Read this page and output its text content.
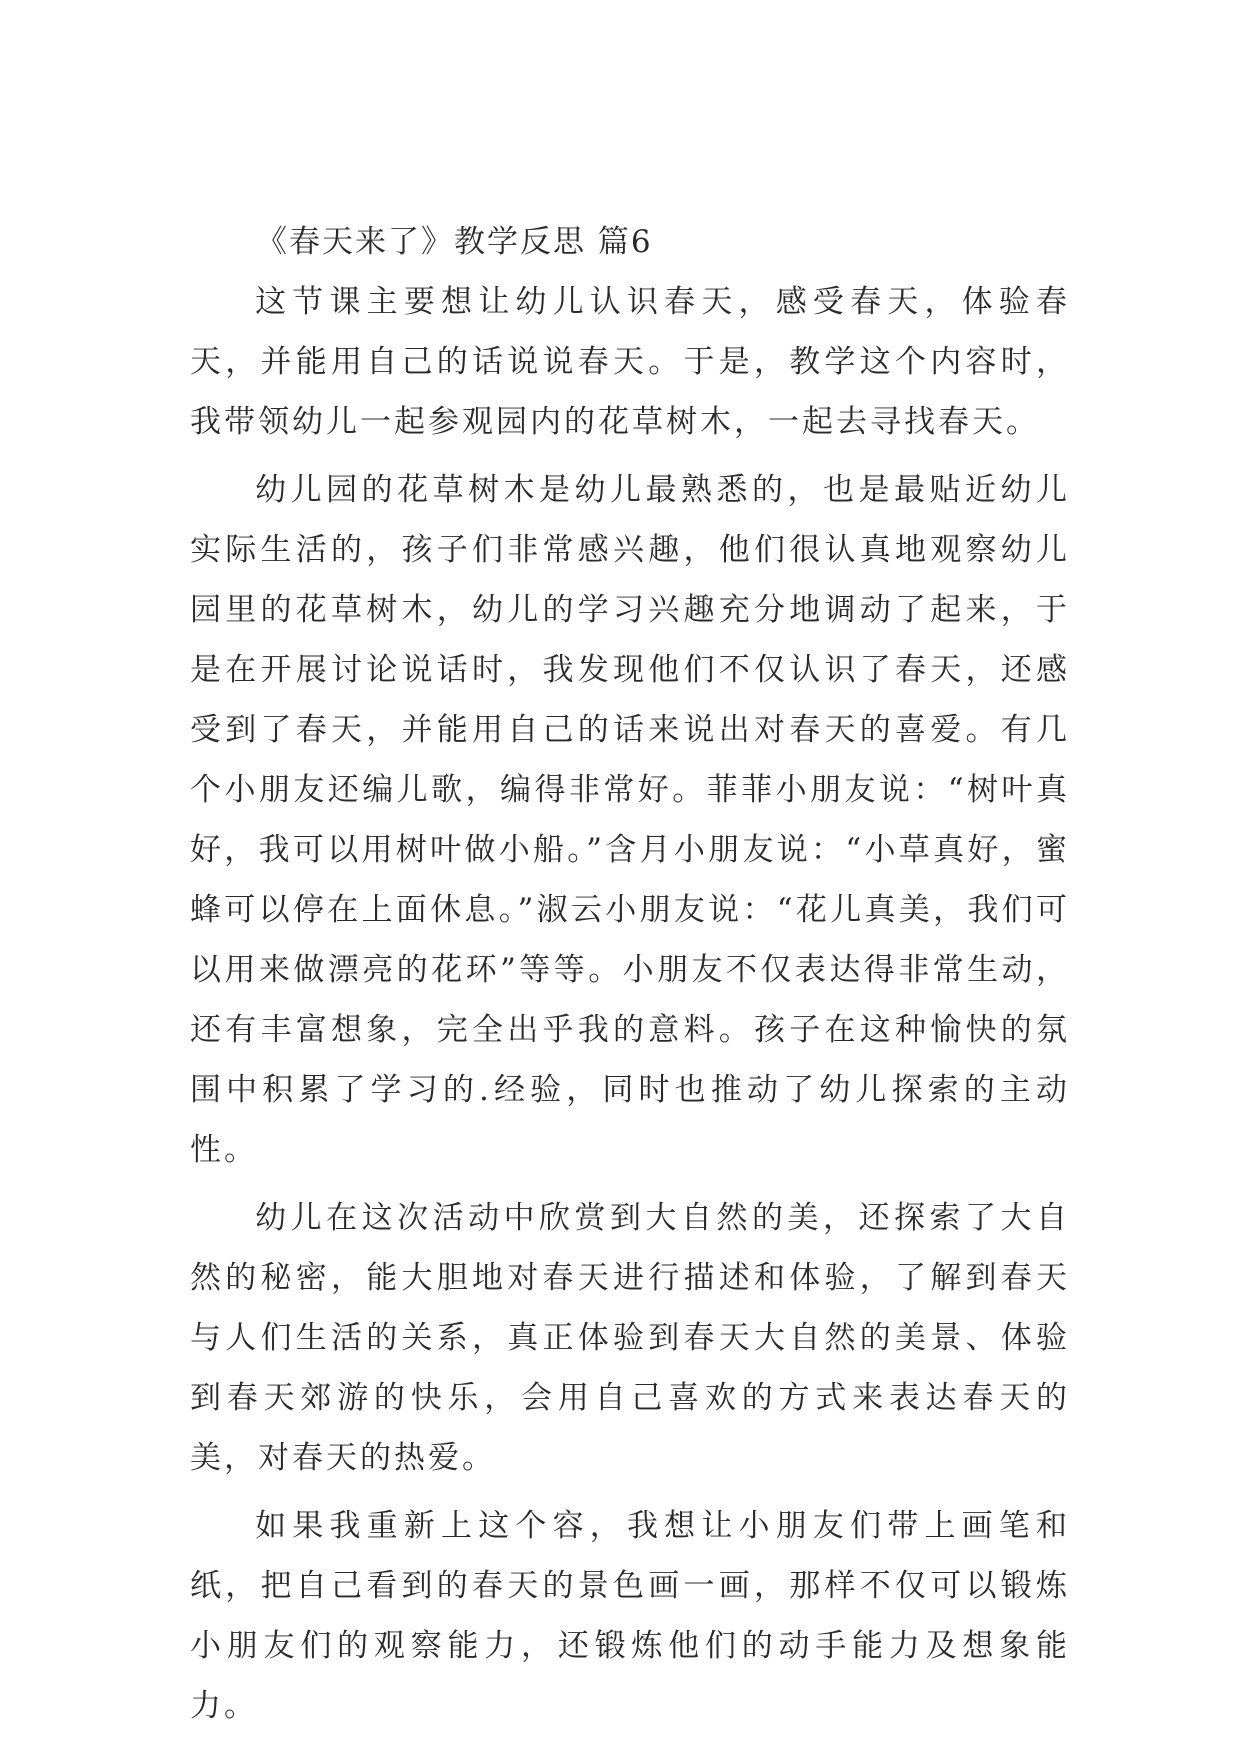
《春天来了》教学反思 篇6

这节课主要想让幼儿认识春天，感受春天，体验春天，并能用自己的话说说春天。于是，教学这个内容时，我带领幼儿一起参观园内的花草树木，一起去寻找春天。

幼儿园的花草树木是幼儿最熟悉的，也是最贴近幼儿实际生活的，孩子们非常感兴趣，他们很认真地观察幼儿园里的花草树木，幼儿的学习兴趣充分地调动了起来，于是在开展讨论说话时，我发现他们不仅认识了春天，还感受到了春天，并能用自己的话来说出对春天的喜爱。有几个小朋友还编儿歌，编得非常好。菲菲小朋友说：“树叶真好，我可以用树叶做小船。”含月小朋友说：“小草真好，蜜蜂可以停在上面休息。”淑云小朋友说：“花儿真美，我们可以用来做漂亮的花环”等等。小朋友不仅表达得非常生动，还有丰富想象，完全出乎我的意料。孩子在这种愉快的氛围中积累了学习的.经验，同时也推动了幼儿探索的主动性。

幼儿在这次活动中欣赏到大自然的美，还探索了大自然的秘密，能大胆地对春天进行描述和体验，了解到春天与人们生活的关系，真正体验到春天大自然的美景、体验到春天郊游的快乐，会用自己喜欢的方式来表达春天的美，对春天的热爱。

如果我重新上这个容，我想让小朋友们带上画笔和纸，把自己看到的春天的景色画一画，那样不仅可以锻炼小朋友们的观察能力，还锻炼他们的动手能力及想象能力。
